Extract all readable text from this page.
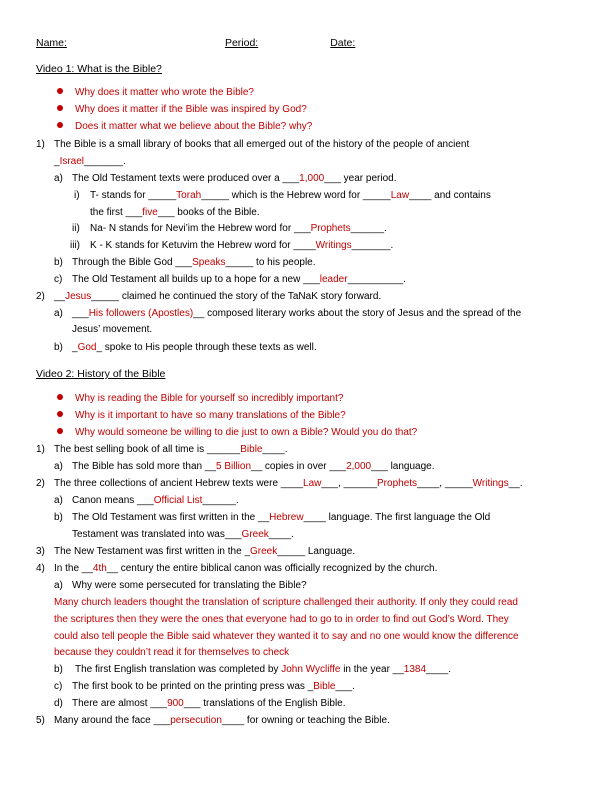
Name:	Period:	Date:
Video 1: What is the Bible?
Why does it matter who wrote the Bible?
Why does it matter if the Bible was inspired by God?
Does it matter what we believe about the Bible? why?
1) The Bible is a small library of books that all emerged out of the history of the people of ancient
_Israel_______.
a) The Old Testament texts were produced over a ___1,000___ year period.
i) T- stands for _____Torah_____ which is the Hebrew word for _____Law____ and contains
the first ___five___ books of the Bible.
ii) Na- N stands for Nevi’im the Hebrew word for ___Prophets______.
iii) K - K stands for Ketuvim the Hebrew word for ____Writings_______.
b) Through the Bible God ___Speaks_____ to his people.
c) The Old Testament all builds up to a hope for a new ___leader__________.
2) __Jesus_____ claimed he continued the story of the TaNaK story forward.
a) ___His followers (Apostles)__ composed literary works about the story of Jesus and the spread of the
Jesus’ movement.
b) _God_ spoke to His people through these texts as well.
Video 2: History of the Bible
Why is reading the Bible for yourself so incredibly important?
Why is it important to have so many translations of the Bible?
Why would someone be willing to die just to own a Bible? Would you do that?
1) The best selling book of all time is ______Bible____.
a) The Bible has sold more than __5 Billion__ copies in over ___2,000___ language.
2) The three collections of ancient Hebrew texts were ____Law___, ______Prophets____, _____Writings__.
a) Canon means ___Official List______.
b) The Old Testament was first written in the __Hebrew____ language. The first language the Old
Testament was translated into was___Greek____.
3) The New Testament was first written in the _Greek_____ Language.
4) In the __4th__ century the entire biblical canon was officially recognized by the church.
a) Why were some persecuted for translating the Bible?
Many church leaders thought the translation of scripture challenged their authority. If only they could read
the scriptures then they were the ones that everyone had to go to in order to find out God’s Word. They
could also tell people the Bible said whatever they wanted it to say and no one would know the difference
because they couldn’t read it for themselves to check
b) The first English translation was completed by John Wycliffe in the year __1384____.
c) The first book to be printed on the printing press was _Bible___.
d) There are almost ___900___ translations of the English Bible.
5) Many around the face ___persecution____ for owning or teaching the Bible.
